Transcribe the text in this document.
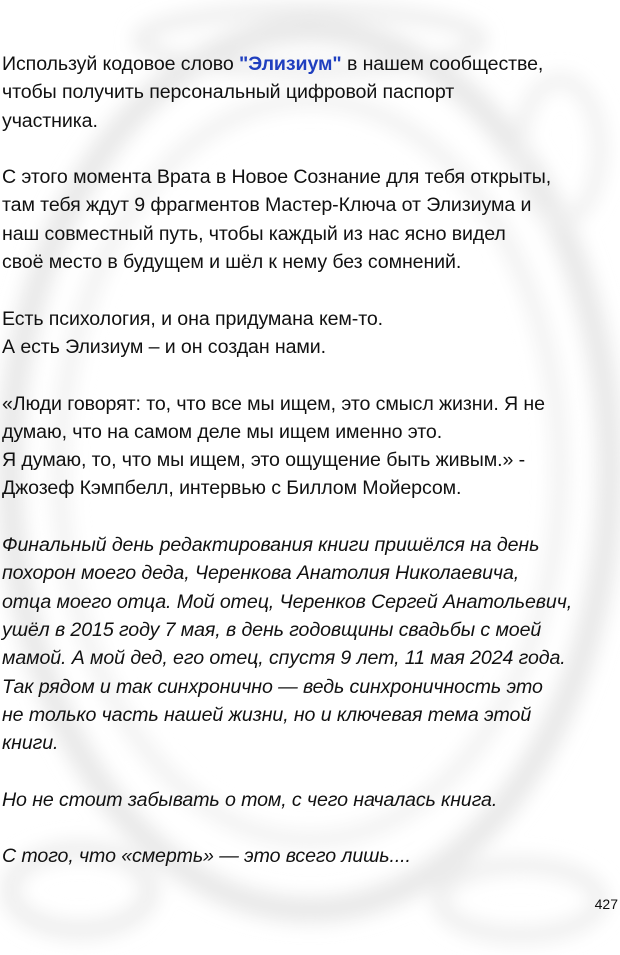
Используй кодовое слово "Элизиум" в нашем сообществе,
чтобы получить персональный цифровой паспорт
участника.

С этого момента Врата в Новое Сознание для тебя открыты,
там тебя ждут 9 фрагментов Мастер-Ключа от Элизиума и
наш совместный путь, чтобы каждый из нас ясно видел
своё место в будущем и шёл к нему без сомнений.

Есть психология, и она придумана кем-то.
А есть Элизиум – и он создан нами.

«Люди говорят: то, что все мы ищем, это смысл жизни. Я не
думаю, что на самом деле мы ищем именно это.
Я думаю, то, что мы ищем, это ощущение быть живым.» -
Джозеф Кэмпбелл, интервью с Биллом Мойерсом.

Финальный день редактирования книги пришёлся на день
похорон моего деда, Черенкова Анатолия Николаевича,
отца моего отца. Мой отец, Черенков Сергей Анатольевич,
ушёл в 2015 году 7 мая, в день годовщины свадьбы с моей
мамой. А мой дед, его отец, спустя 9 лет, 11 мая 2024 года.
Так рядом и так синхронично — ведь синхроничность это
не только часть нашей жизни, но и ключевая тема этой
книги.

Но не стоит забывать о том, с чего началась книга.

С того, что «смерть» — это всего лишь....

427
